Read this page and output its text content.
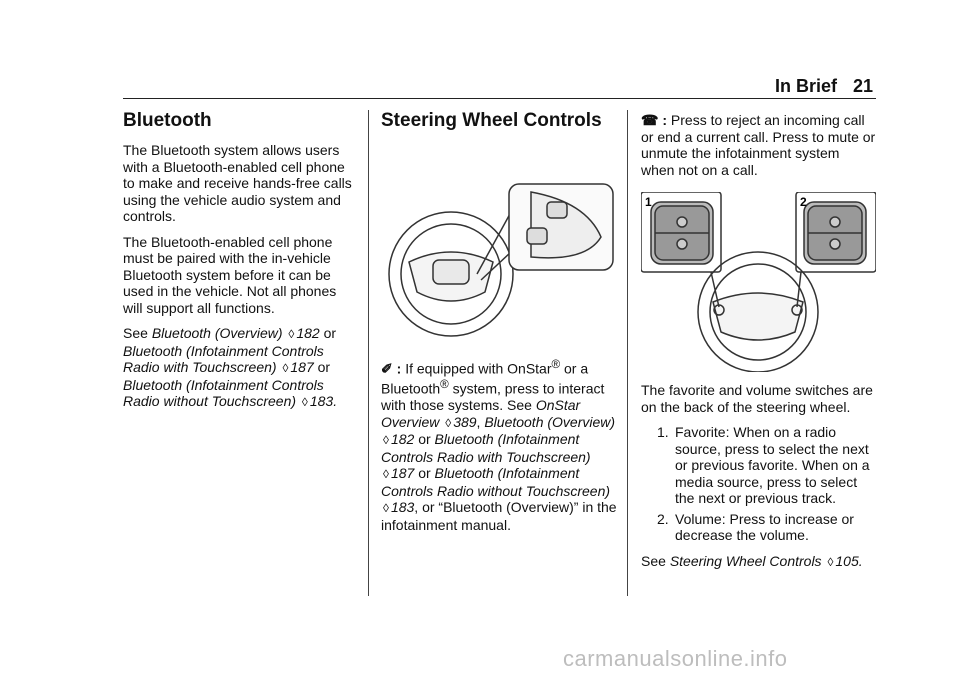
In Brief 21
Bluetooth

The Bluetooth system allows users with a Bluetooth-enabled cell phone to make and receive hands-free calls using the vehicle audio system and controls.

The Bluetooth-enabled cell phone must be paired with the in-vehicle Bluetooth system before it can be used in the vehicle. Not all phones will support all functions.

See Bluetooth (Overview) ◊ 182 or Bluetooth (Infotainment Controls Radio with Touchscreen) ◊ 187 or Bluetooth (Infotainment Controls Radio without Touchscreen) ◊ 183.

Steering Wheel Controls

✐ : If equipped with OnStar® or a Bluetooth® system, press to interact with those systems. See OnStar Overview ◊ 389, Bluetooth (Overview) ◊ 182 or Bluetooth (Infotainment Controls Radio with Touchscreen) ◊ 187 or Bluetooth (Infotainment Controls Radio without Touchscreen) ◊ 183, or “Bluetooth (Overview)” in the infotainment manual.

☎ : Press to reject an incoming call or end a current call. Press to mute or unmute the infotainment system when not on a call.

1	2

The favorite and volume switches are on the back of the steering wheel.

1. Favorite: When on a radio source, press to select the next or previous favorite. When on a media source, press to select the next or previous track.
2. Volume: Press to increase or decrease the volume.

See Steering Wheel Controls ◊ 105.

carmanualsonline.info
